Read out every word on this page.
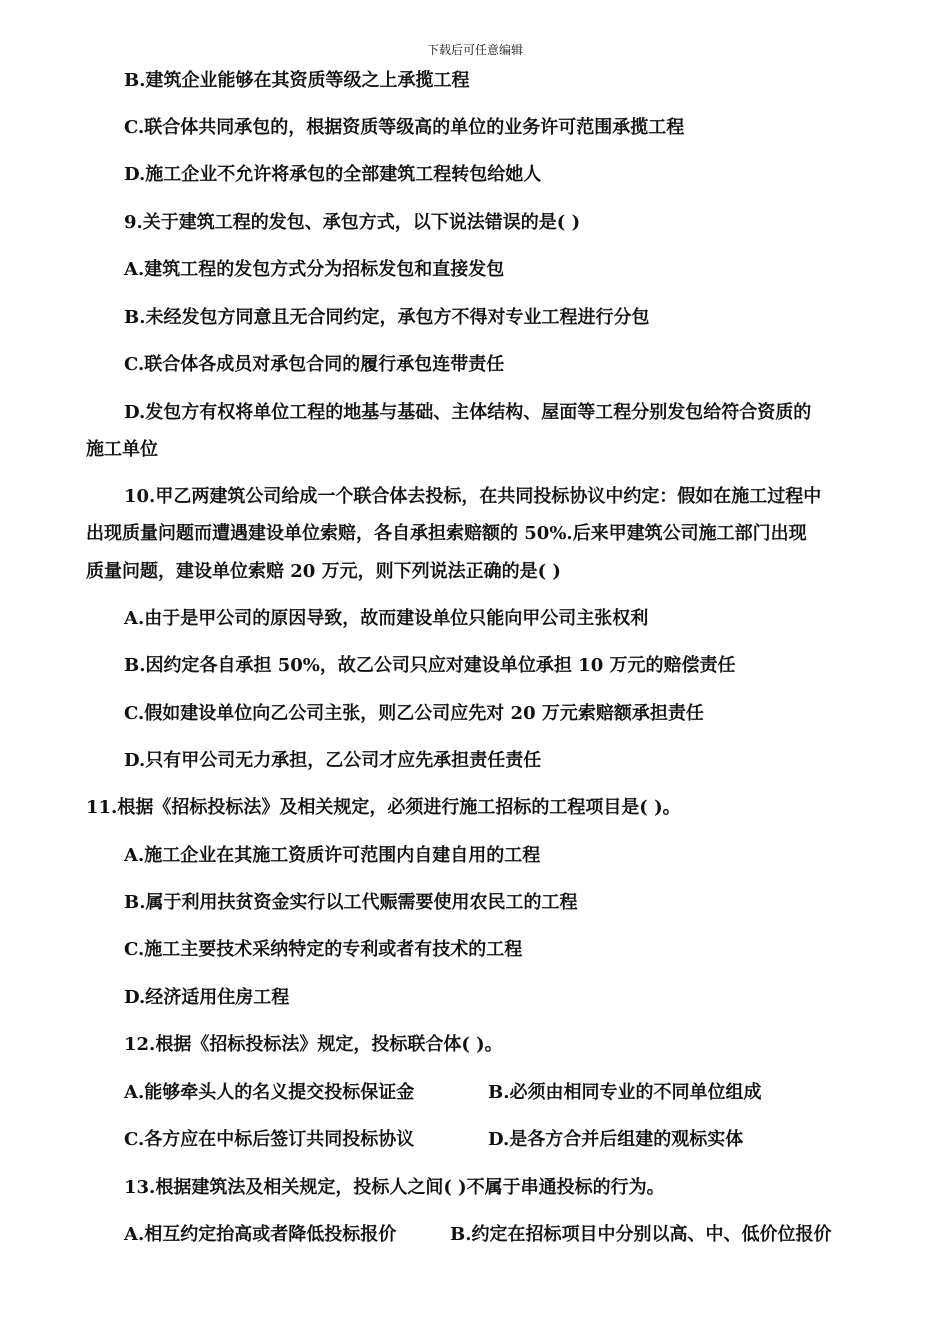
下载后可任意编辑
B.建筑企业能够在其资质等级之上承揽工程
C.联合体共同承包的，根据资质等级高的单位的业务许可范围承揽工程
D.施工企业不允许将承包的全部建筑工程转包给她人
9.关于建筑工程的发包、承包方式，以下说法错误的是( )
A.建筑工程的发包方式分为招标发包和直接发包
B.未经发包方同意且无合同约定，承包方不得对专业工程进行分包
C.联合体各成员对承包合同的履行承包连带责任
D.发包方有权将单位工程的地基与基础、主体结构、屋面等工程分别发包给符合资质的
施工单位
10.甲乙两建筑公司给成一个联合体去投标，在共同投标协议中约定：假如在施工过程中
出现质量问题而遭遇建设单位索赔，各自承担索赔额的 50%.后来甲建筑公司施工部门出现
质量问题，建设单位索赔 20 万元，则下列说法正确的是( )
A.由于是甲公司的原因导致，故而建设单位只能向甲公司主张权利
B.因约定各自承担 50%，故乙公司只应对建设单位承担 10 万元的赔偿责任
C.假如建设单位向乙公司主张，则乙公司应先对 20 万元索赔额承担责任
D.只有甲公司无力承担，乙公司才应先承担责任责任
11.根据《招标投标法》及相关规定，必须进行施工招标的工程项目是( )。
A.施工企业在其施工资质许可范围内自建自用的工程
B.属于利用扶贫资金实行以工代赈需要使用农民工的工程
C.施工主要技术采纳特定的专利或者有技术的工程
D.经济适用住房工程
12.根据《招标投标法》规定，投标联合体( )。
A.能够牵头人的名义提交投标保证金	B.必须由相同专业的不同单位组成
C.各方应在中标后签订共同投标协议	D.是各方合并后组建的观标实体
13.根据建筑法及相关规定，投标人之间( )不属于串通投标的行为。
A.相互约定抬高或者降低投标报价	B.约定在招标项目中分别以高、中、低价位报价
